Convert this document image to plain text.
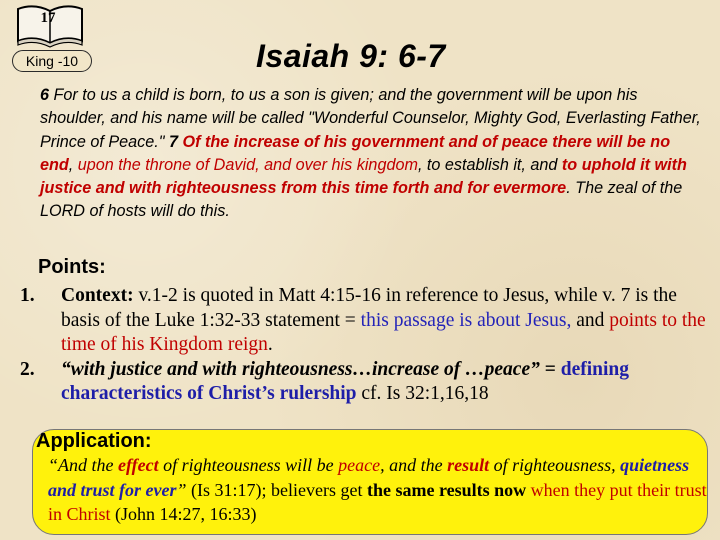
17
King -10	Isaiah 9: 6-7
6 For to us a child is born, to us a son is given; and the government will be upon his shoulder, and his name will be called "Wonderful Counselor, Mighty God, Everlasting Father, Prince of Peace." 7 Of the increase of his government and of peace there will be no end, upon the throne of David, and over his kingdom, to establish it, and to uphold it with justice and with righteousness from this time forth and for evermore. The zeal of the LORD of hosts will do this.
Points:
1. Context: v.1-2 is quoted in Matt 4:15-16 in reference to Jesus, while v. 7 is the basis of the Luke 1:32-33 statement = this passage is about Jesus, and points to the time of his Kingdom reign.
2. “with justice and with righteousness…increase of …peace” = defining characteristics of Christ’s rulership cf. Is 32:1,16,18
Application:
“And the effect of righteousness will be peace, and the result of righteousness, quietness and trust for ever” (Is 31:17); believers get the same results now when they put their trust in Christ (John 14:27, 16:33)
